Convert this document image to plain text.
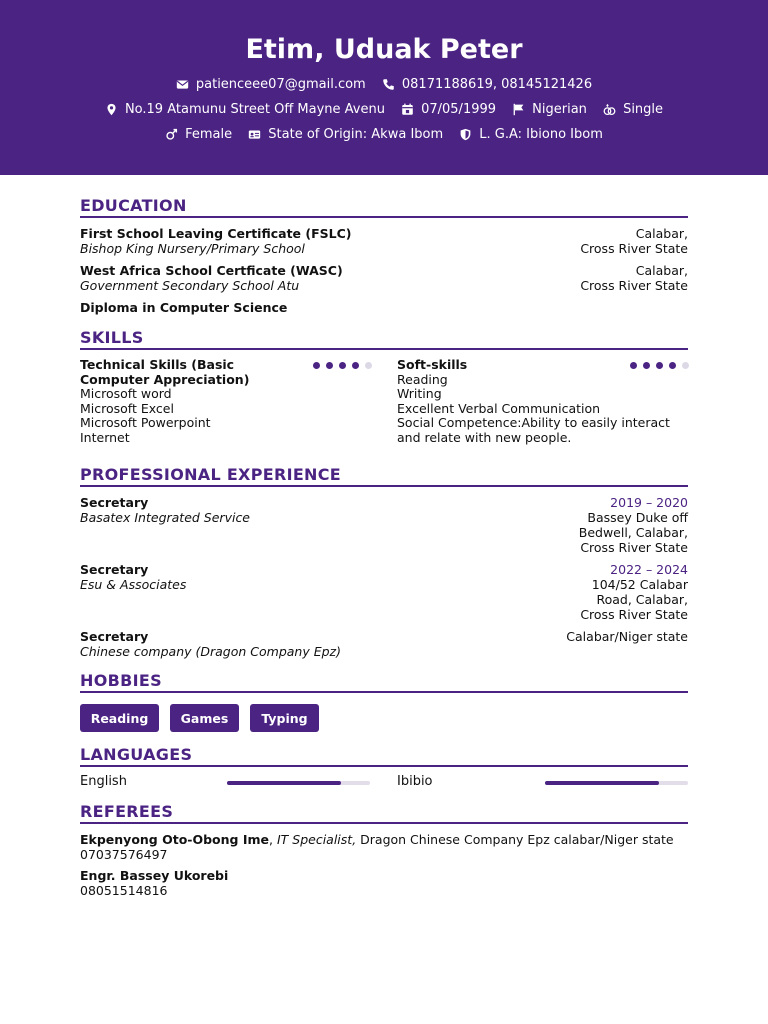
Etim, Uduak Peter
patienceee07@gmail.com
	08171188619, 08145121426
No.19 Atamunu Street Off Mayne Avenu
	07/05/1999
	Nigerian
	Single
Female
	State of Origin: Akwa Ibom
	L. G.A: Ibiono Ibom
EDUCATION
First School Leaving Certificate (FSLC)
Bishop King Nursery/Primary School
Calabar,
Cross River State
West Africa School Certficate (WASC)
Government Secondary School Atu
Calabar,
Cross River State
Diploma in Computer Science
SKILLS
Technical Skills (Basic Computer Appreciation)
Microsoft word
Microsoft Excel
Microsoft Powerpoint
Internet
Soft-skills
Reading
Writing
Excellent Verbal Communication
Social Competence:Ability to easily interact and relate with new people.
PROFESSIONAL EXPERIENCE
Secretary
Basatex Integrated Service
2019 – 2020
Bassey Duke off
Bedwell, Calabar,
Cross River State
Secretary
Esu & Associates
2022 – 2024
104/52 Calabar
Road, Calabar,
Cross River State
Secretary
Chinese company (Dragon Company Epz)
Calabar/Niger state
HOBBIES
Reading	Games	Typing
LANGUAGES
English	Ibibio
REFEREES
Ekpenyong Oto-Obong Ime, IT Specialist, Dragon Chinese Company Epz calabar/Niger state
07037576497
Engr. Bassey Ukorebi
08051514816
